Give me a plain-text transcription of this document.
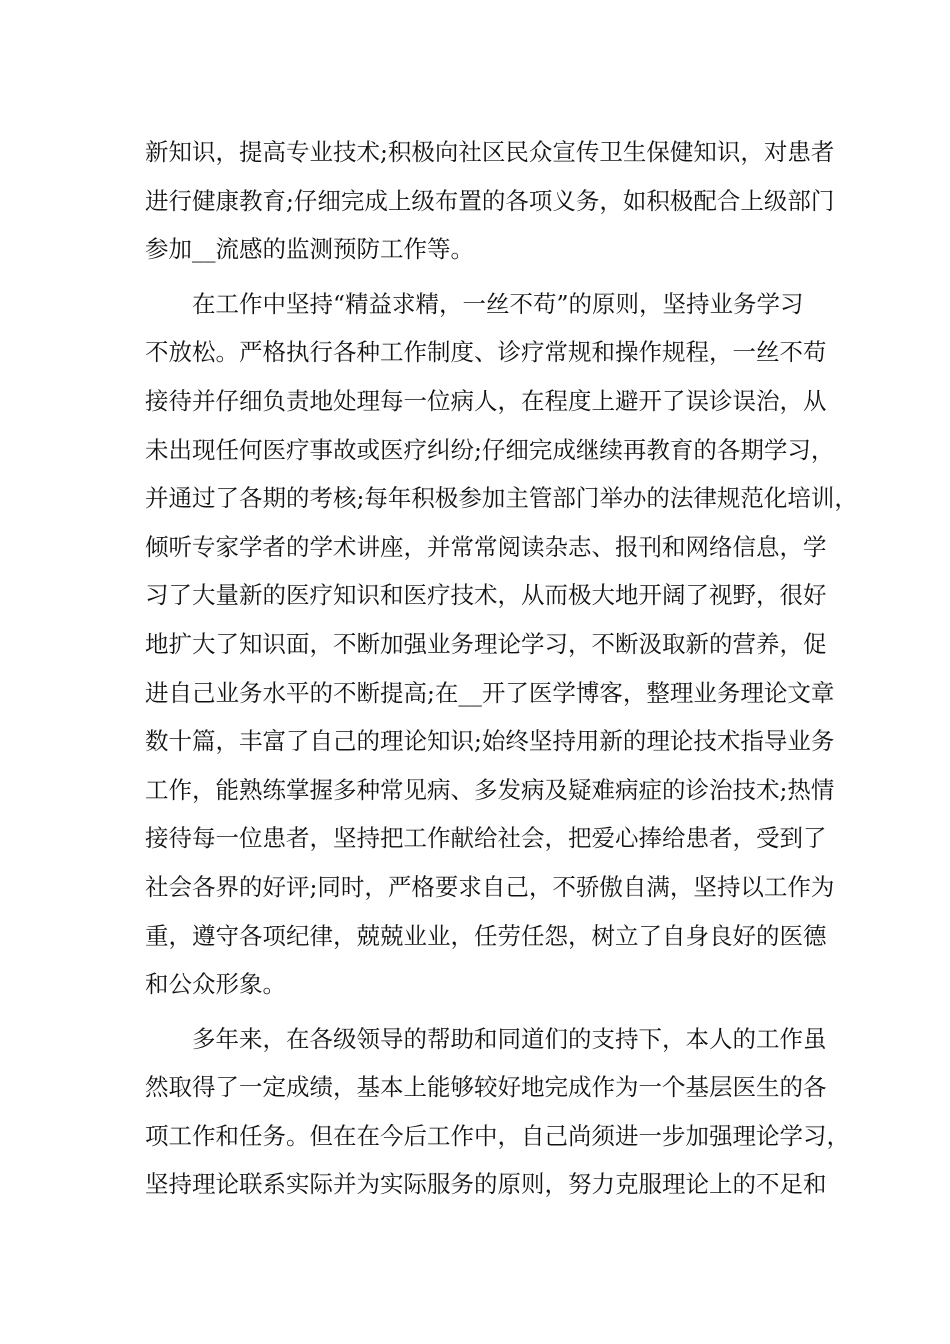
新知识，提高专业技术;积极向社区民众宣传卫生保健知识，对患者
进行健康教育;仔细完成上级布置的各项义务，如积极配合上级部门
参加__流感的监测预防工作等。
在工作中坚持“精益求精，一丝不苟”的原则，坚持业务学习
不放松。严格执行各种工作制度、诊疗常规和操作规程，一丝不苟
接待并仔细负责地处理每一位病人，在程度上避开了误诊误治，从
未出现任何医疗事故或医疗纠纷;仔细完成继续再教育的各期学习，
并通过了各期的考核;每年积极参加主管部门举办的法律规范化培训，
倾听专家学者的学术讲座，并常常阅读杂志、报刊和网络信息，学
习了大量新的医疗知识和医疗技术，从而极大地开阔了视野，很好
地扩大了知识面，不断加强业务理论学习，不断汲取新的营养，促
进自己业务水平的不断提高;在__开了医学博客，整理业务理论文章
数十篇，丰富了自己的理论知识;始终坚持用新的理论技术指导业务
工作，能熟练掌握多种常见病、多发病及疑难病症的诊治技术;热情
接待每一位患者，坚持把工作献给社会，把爱心捧给患者，受到了
社会各界的好评;同时，严格要求自己，不骄傲自满，坚持以工作为
重，遵守各项纪律，兢兢业业，任劳任怨，树立了自身良好的医德
和公众形象。
多年来，在各级领导的帮助和同道们的支持下，本人的工作虽
然取得了一定成绩，基本上能够较好地完成作为一个基层医生的各
项工作和任务。但在在今后工作中，自己尚须进一步加强理论学习，
坚持理论联系实际并为实际服务的原则，努力克服理论上的不足和
